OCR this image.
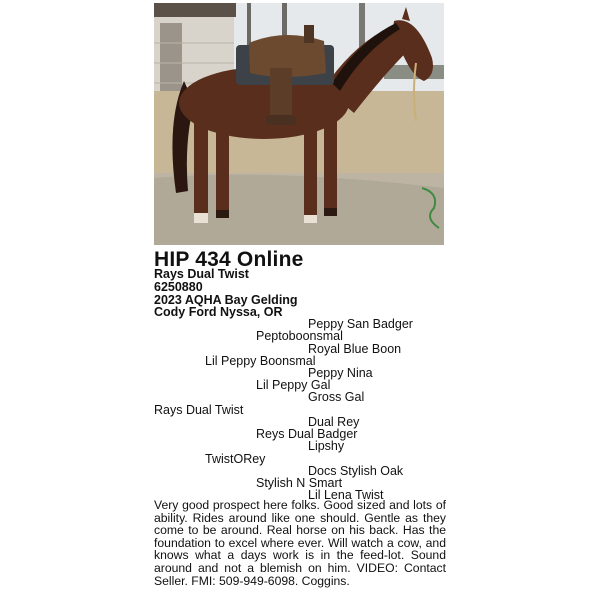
HIP 434 Online
Rays Dual Twist
6250880
2023 AQHA Bay Gelding
Cody Ford Nyssa, OR
Peppy San Badger
Peptoboonsmal
Royal Blue Boon
Lil Peppy Boonsmal
Peppy Nina
Lil Peppy Gal
Gross Gal
Rays Dual Twist
Dual Rey
Reys Dual Badger
Lipshy
TwistORey
Docs Stylish Oak
Stylish N Smart
Lil Lena Twist
Very good prospect here folks. Good sized and lots of ability. Rides around like one should. Gentle as they come to be around. Real horse on his back. Has the foundation to excel where ever. Will watch a cow, and knows what a days work is in the feed-lot. Sound around and not a blemish on him. VIDEO: Contact Seller. FMI: 509-949-6098. Coggins.
